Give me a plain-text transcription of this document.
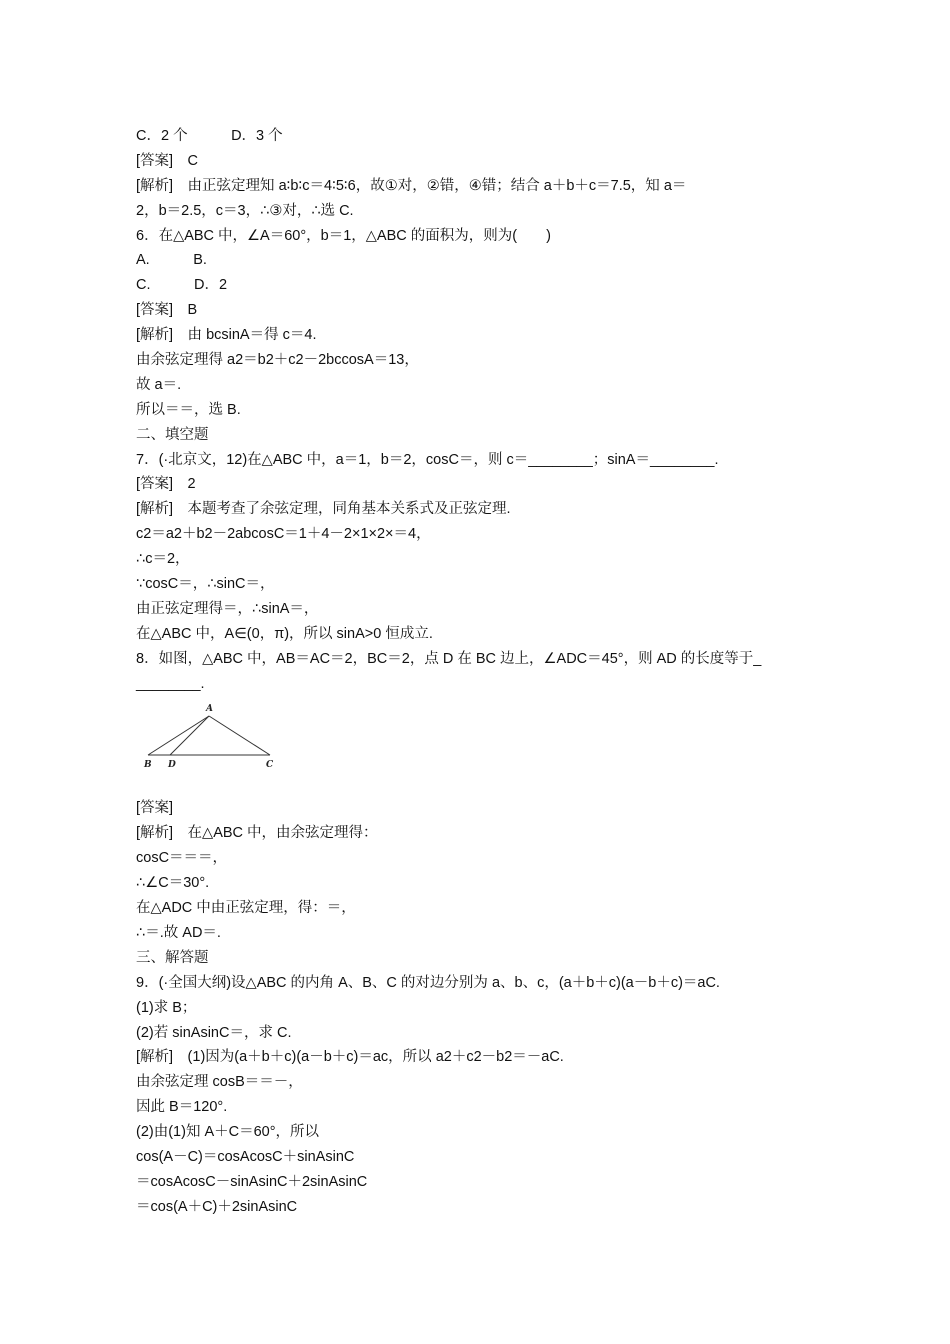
C．2 个　　　D．3 个
[答案]　C
[解析]　由正弦定理知 a∶b∶c＝4∶5∶6，故①对，②错，④错；结合 a＋b＋c＝7.5，知 a＝
2，b＝2.5，c＝3，∴③对，∴选 C.
6．在△ABC 中，∠A＝60°，b＝1，△ABC 的面积为，则为(　　)
A.　　　B.
C.　　　D．2
[答案]　B
[解析]　由 bcsinA＝得 c＝4.
由余弦定理得 a2＝b2＋c2－2bccosA＝13，
故 a＝.
所以＝＝，选 B.
二、填空题
7．(·北京文，12)在△ABC 中，a＝1，b＝2，cosC＝，则 c＝________；sinA＝________.
[答案]　2
[解析]　本题考查了余弦定理，同角基本关系式及正弦定理.
c2＝a2＋b2－2abcosC＝1＋4－2×1×2×＝4，
∴c＝2，
∵cosC＝，∴sinC＝，
由正弦定理得＝，∴sinA＝，
在△ABC 中，A∈(0，π)，所以 sinA>0 恒成立.
8．如图，△ABC 中，AB＝AC＝2，BC＝2，点 D 在 BC 边上，∠ADC＝45°，则 AD 的长度等于_
________.
A
B D	C
[答案]
[解析]　在△ABC 中，由余弦定理得：
cosC＝＝＝，
∴∠C＝30°.
在△ADC 中由正弦定理，得：＝，
∴＝.故 AD＝.
三、解答题
9．(·全国大纲)设△ABC 的内角 A、B、C 的对边分别为 a、b、c，(a＋b＋c)(a－b＋c)＝aC.
(1)求 B；
(2)若 sinAsinC＝，求 C.
[解析]　(1)因为(a＋b＋c)(a－b＋c)＝ac，所以 a2＋c2－b2＝－aC.
由余弦定理 cosB＝＝－，
因此 B＝120°.
(2)由(1)知 A＋C＝60°，所以
cos(A－C)＝cosAcosC＋sinAsinC
＝cosAcosC－sinAsinC＋2sinAsinC
＝cos(A＋C)＋2sinAsinC
